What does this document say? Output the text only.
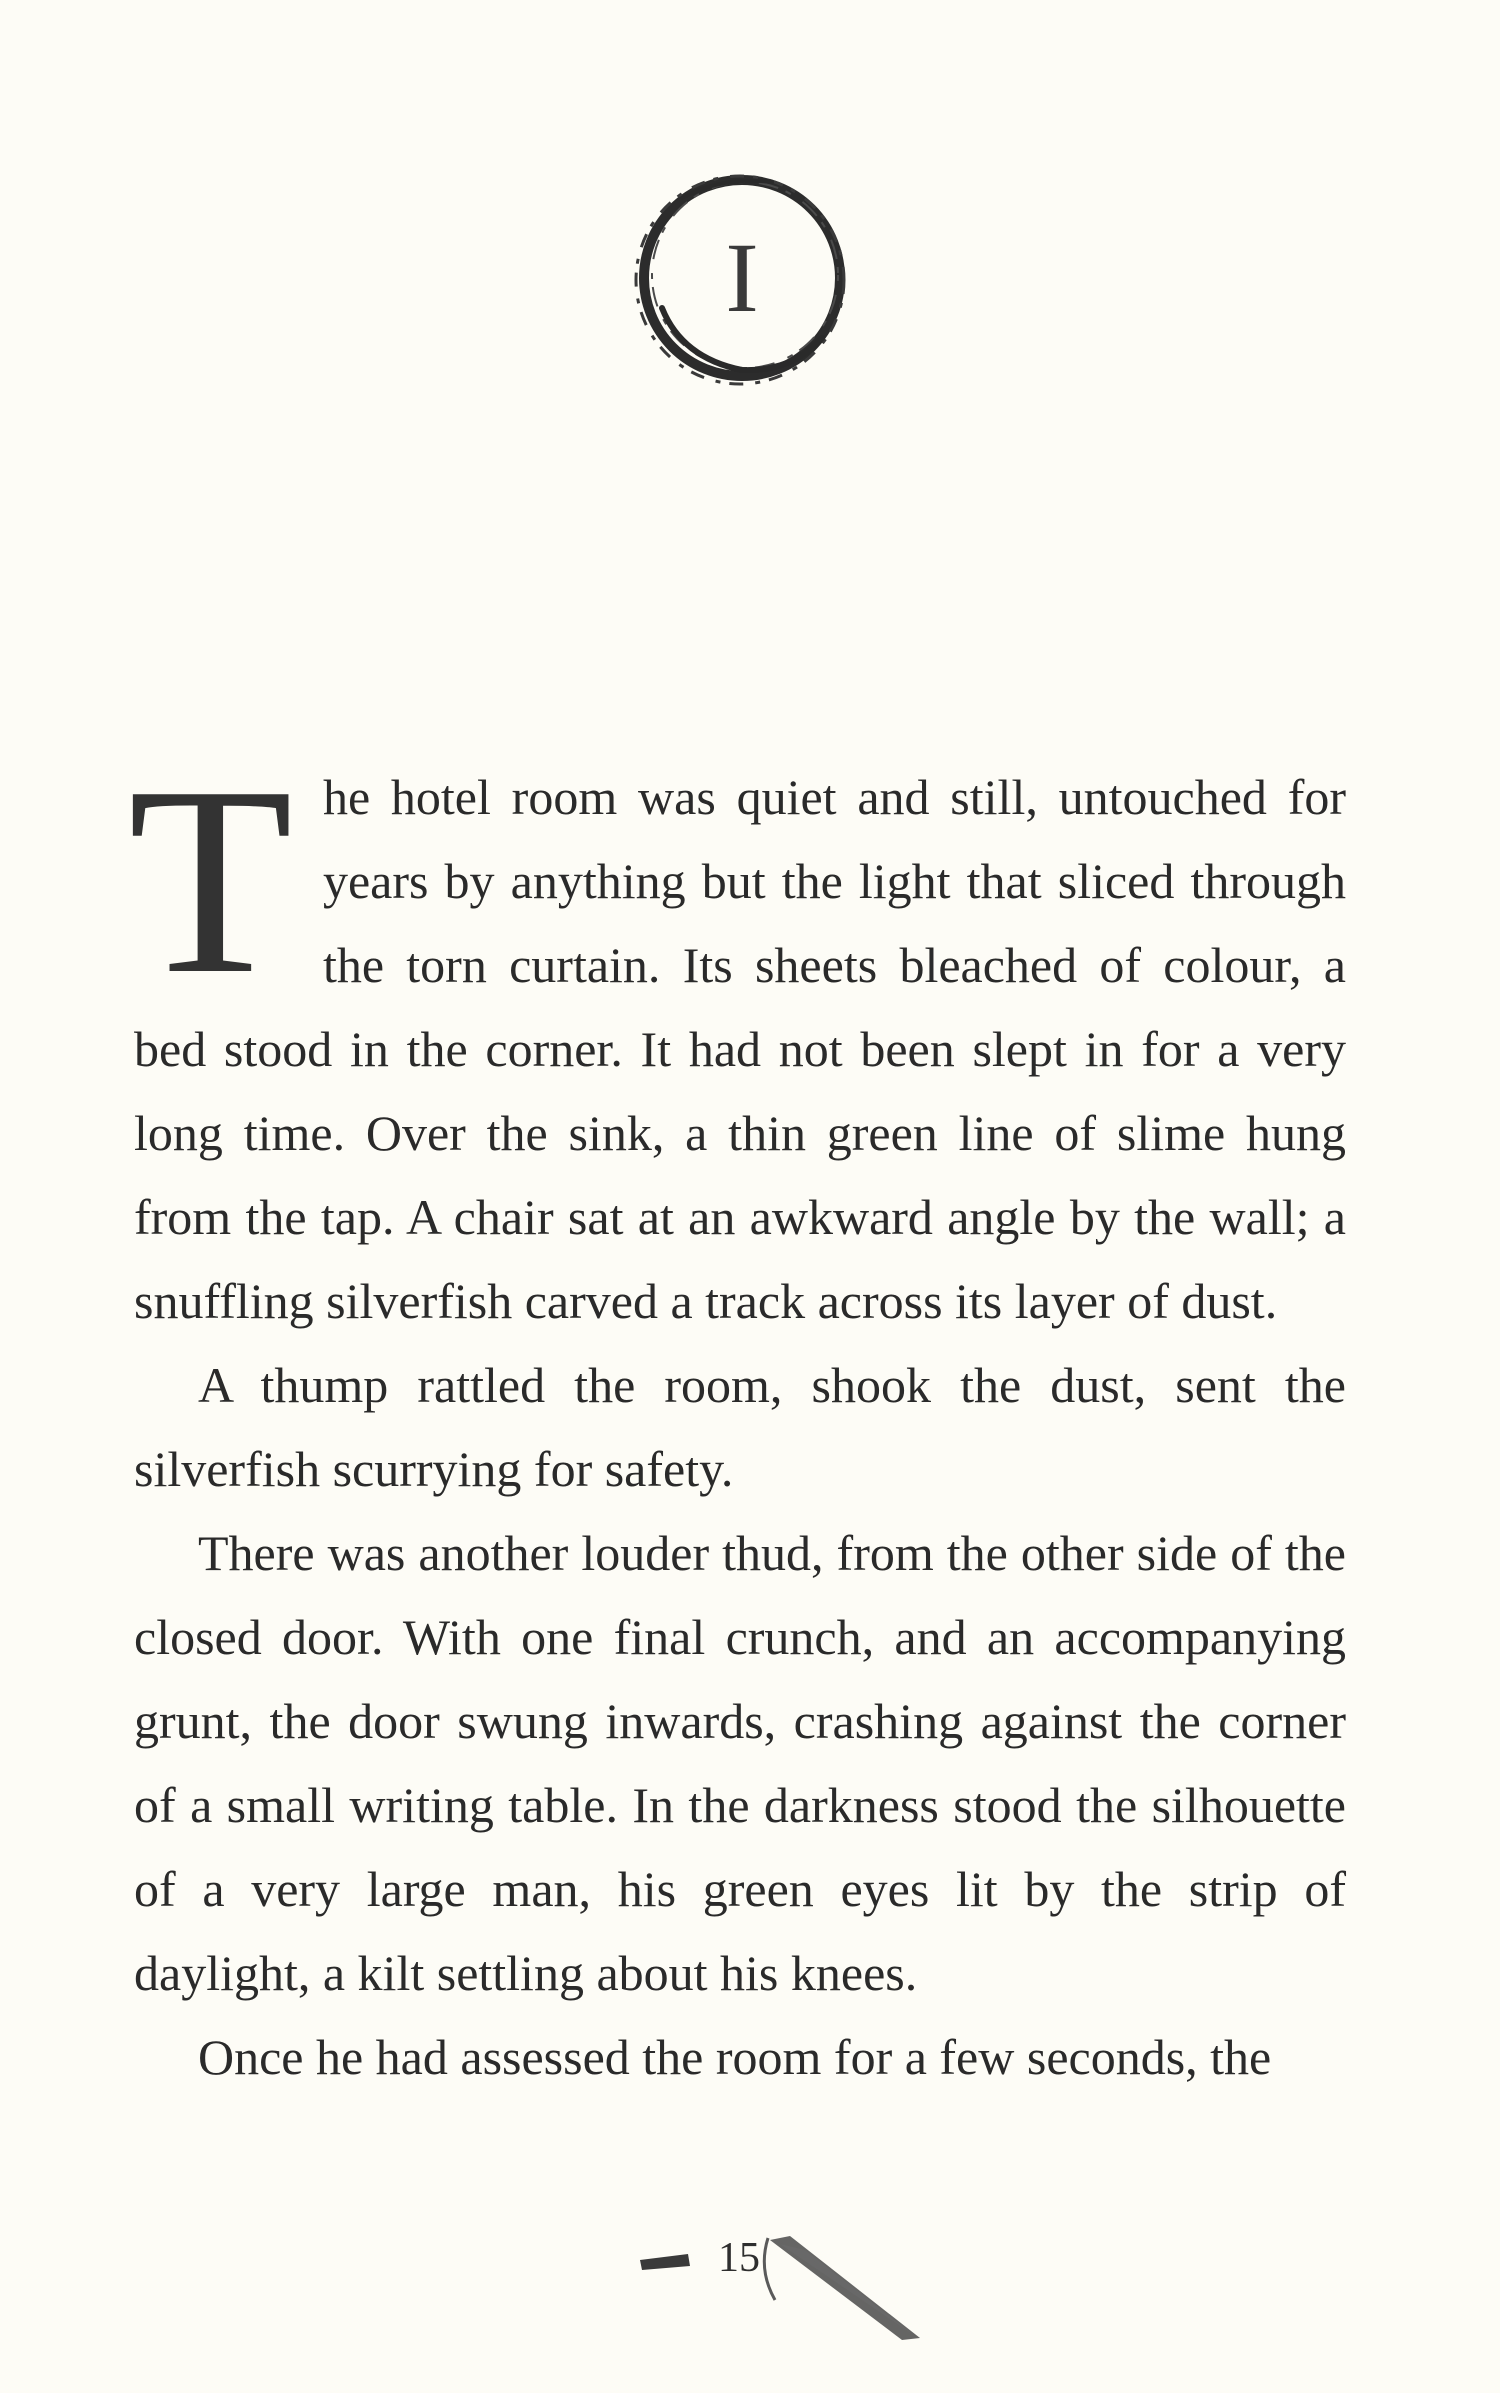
I

The hotel room was quiet and still, untouched for years by anything but the light that sliced through the torn curtain. Its sheets bleached of colour, a bed stood in the corner. It had not been slept in for a very long time. Over the sink, a thin green line of slime hung from the tap. A chair sat at an awkward angle by the wall; a snuffling silverfish carved a track across its layer of dust.

A thump rattled the room, shook the dust, sent the silverfish scurrying for safety.

There was another louder thud, from the other side of the closed door. With one final crunch, and an accompanying grunt, the door swung inwards, crashing against the corner of a small writing table. In the darkness stood the silhouette of a very large man, his green eyes lit by the strip of daylight, a kilt settling about his knees.

Once he had assessed the room for a few seconds, the

15
